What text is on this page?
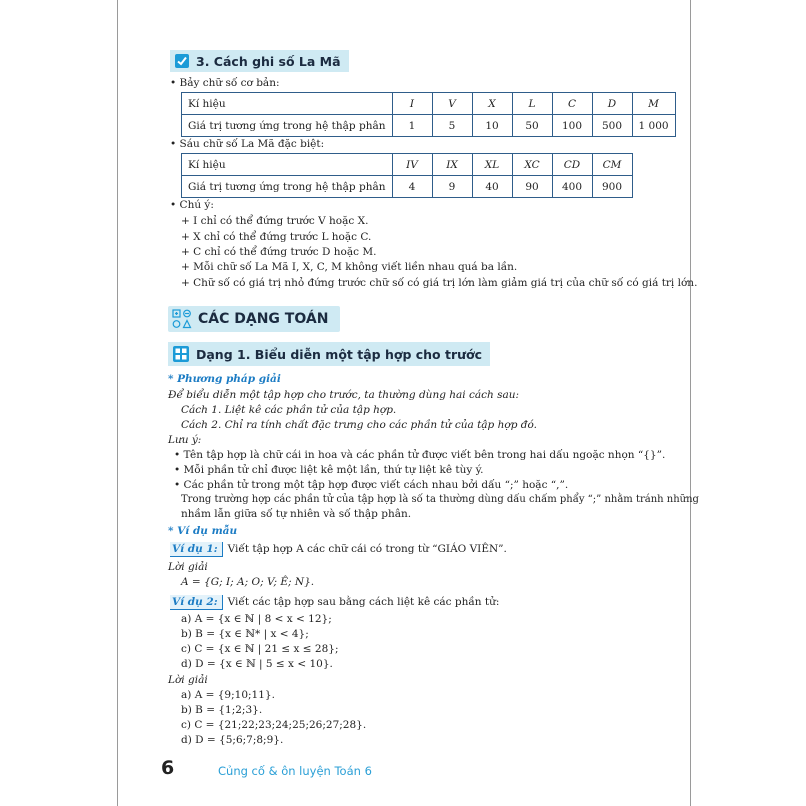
3. Cách ghi số La Mã
• Bảy chữ số cơ bản:
Kí hiệu	I	V	X	L	C	D	M
Giá trị tương ứng trong hệ thập phân	1	5	10	50	100	500	1 000
• Sáu chữ số La Mã đặc biệt:
Kí hiệu	IV	IX	XL	XC	CD	CM
Giá trị tương ứng trong hệ thập phân	4	9	40	90	400	900
• Chú ý:
+ I chỉ có thể đứng trước V hoặc X.
+ X chỉ có thể đứng trước L hoặc C.
+ C chỉ có thể đứng trước D hoặc M.
+ Mỗi chữ số La Mã I, X, C, M không viết liền nhau quá ba lần.
+ Chữ số có giá trị nhỏ đứng trước chữ số có giá trị lớn làm giảm giá trị của chữ số có giá trị lớn.
CÁC DẠNG TOÁN
Dạng 1. Biểu diễn một tập hợp cho trước
* Phương pháp giải
Để biểu diễn một tập hợp cho trước, ta thường dùng hai cách sau:
Cách 1. Liệt kê các phần tử của tập hợp.
Cách 2. Chỉ ra tính chất đặc trưng cho các phần tử của tập hợp đó.
Lưu ý:
• Tên tập hợp là chữ cái in hoa và các phần tử được viết bên trong hai dấu ngoặc nhọn “{}”.
• Mỗi phần tử chỉ được liệt kê một lần, thứ tự liệt kê tùy ý.
• Các phần tử trong một tập hợp được viết cách nhau bởi dấu “;” hoặc “,”.
Trong trường hợp các phần tử của tập hợp là số ta thường dùng dấu chấm phẩy “;” nhằm tránh những
nhầm lẫn giữa số tự nhiên và số thập phân.
* Ví dụ mẫu
Ví dụ 1: Viết tập hợp A các chữ cái có trong từ “GIÁO VIÊN”.
Lời giải
A = {G; I; A; O; V; Ê; N}.
Ví dụ 2: Viết các tập hợp sau bằng cách liệt kê các phần tử:
a) A = {x ∈ ℕ | 8 < x < 12};
b) B = {x ∈ ℕ* | x < 4};
c) C = {x ∈ ℕ | 21 ≤ x ≤ 28};
d) D = {x ∈ ℕ | 5 ≤ x < 10}.
Lời giải
a) A = {9;10;11}.
b) B = {1;2;3}.
c) C = {21;22;23;24;25;26;27;28}.
d) D = {5;6;7;8;9}.
6	Củng cố & ôn luyện Toán 6
